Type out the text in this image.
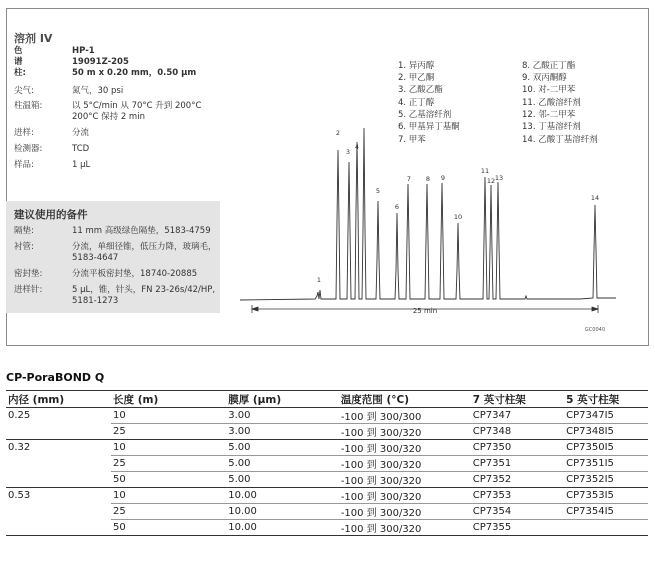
溶剂 IV
色谱柱:
HP-1
19091Z-205
50 m x 0.20 mm，0.50 μm
尖气:	氮气，30 psi
柱温箱:	以 5°C/min 从 70°C 升到 200°C
200°C 保持 2 min
进样:	分流
检测器:	TCD
样品:	1 μL
建议使用的备件
隔垫:	11 mm 高级绿色隔垫，5183-4759
衬管:	分流，单细径锥，低压力降，玻璃毛，
5183-4647
密封垫:	分流平板密封垫，18740-20885
进样针:	5 μL，锥，针头，FN 23-26s/42/HP,
5181-1273
1. 异丙醇
2. 甲乙酮
3. 乙酸乙酯
4. 正丁醇
5. 乙基溶纤剂
6. 甲基异丁基酮
7. 甲苯
8. 乙酸正丁酯
9. 双丙酮醇
10. 对-二甲苯
11. 乙酸溶纤剂
12. 邻-二甲苯
13. 丁基溶纤剂
14. 乙酸丁基溶纤剂
1
2
3
4
5
6
7 8 9
10
11
12 13
14
25 min
GC0040
CP-PoraBOND Q
内径 (mm)	长度 (m)	膜厚 (μm)	温度范围 (°C)	7 英寸柱架	5 英寸柱架
0.25	10	3.00	-100 到 300/300	CP7347	CP7347I5
	25	3.00	-100 到 300/320	CP7348	CP7348I5
0.32	10	5.00	-100 到 300/320	CP7350	CP7350I5
	25	5.00	-100 到 300/320	CP7351	CP7351I5
	50	5.00	-100 到 300/320	CP7352	CP7352I5
0.53	10	10.00	-100 到 300/320	CP7353	CP7353I5
	25	10.00	-100 到 300/320	CP7354	CP7354I5
	50	10.00	-100 到 300/320	CP7355	
